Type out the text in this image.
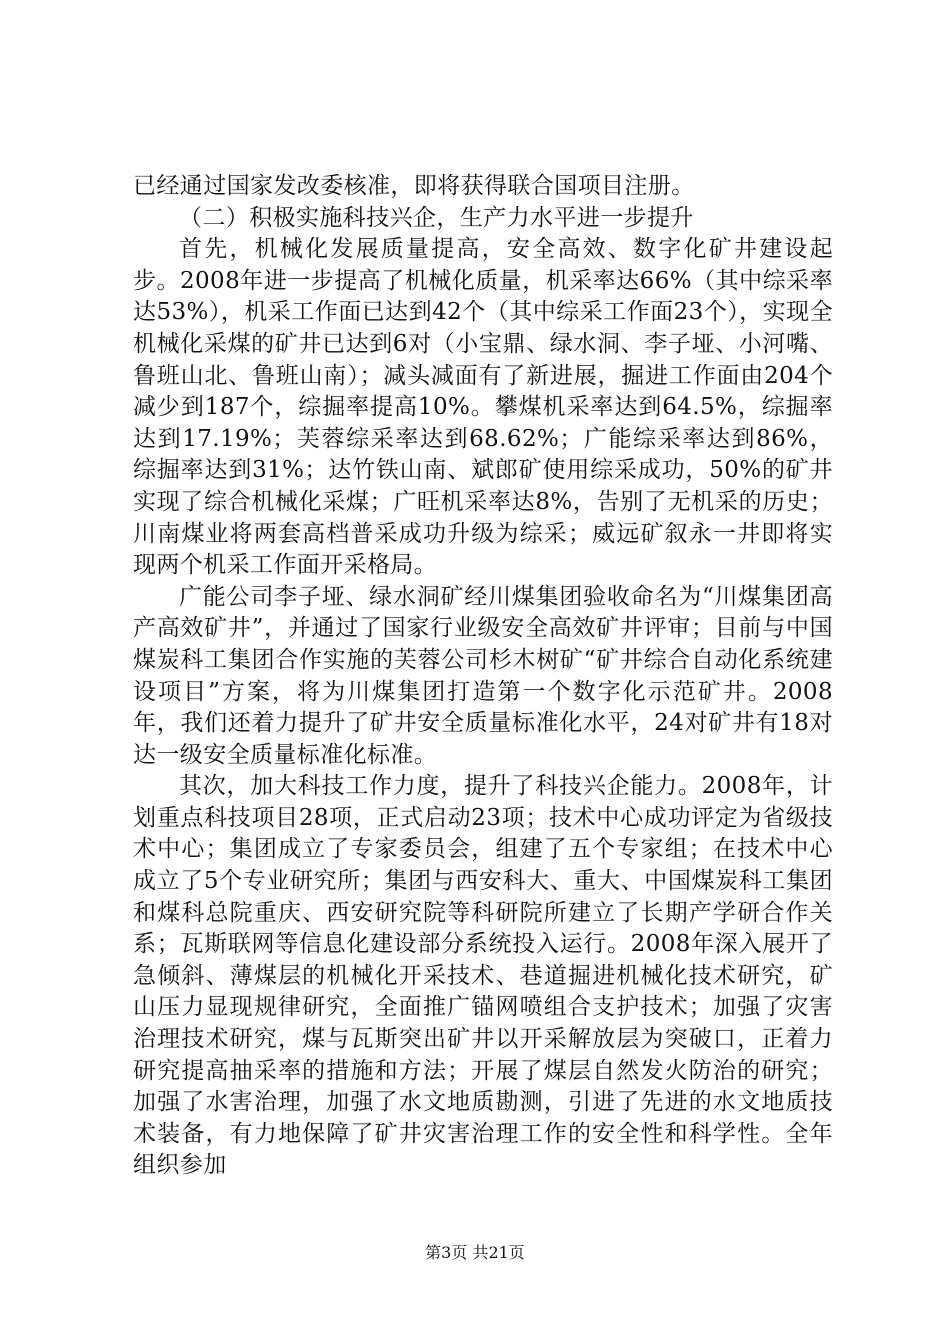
已经通过国家发改委核准，即将获得联合国项目注册。

（二）积极实施科技兴企，生产力水平进一步提升

首先，机械化发展质量提高，安全高效、数字化矿井建设起步。2008年进一步提高了机械化质量，机采率达66%（其中综采率达53%），机采工作面已达到42个（其中综采工作面23个），实现全机械化采煤的矿井已达到6对（小宝鼎、绿水洞、李子垭、小河嘴、鲁班山北、鲁班山南）；减头减面有了新进展，掘进工作面由204个减少到187个，综掘率提高10%。攀煤机采率达到64.5%，综掘率达到17.19%；芙蓉综采率达到68.62%；广能综采率达到86%，综掘率达到31%；达竹铁山南、斌郎矿使用综采成功，50%的矿井实现了综合机械化采煤；广旺机采率达8%，告别了无机采的历史；川南煤业将两套高档普采成功升级为综采；威远矿叙永一井即将实现两个机采工作面开采格局。

广能公司李子垭、绿水洞矿经川煤集团验收命名为“川煤集团高产高效矿井”，并通过了国家行业级安全高效矿井评审；目前与中国煤炭科工集团合作实施的芙蓉公司杉木树矿“矿井综合自动化系统建设项目”方案，将为川煤集团打造第一个数字化示范矿井。2008年，我们还着力提升了矿井安全质量标准化水平，24对矿井有18对达一级安全质量标准化标准。

其次，加大科技工作力度，提升了科技兴企能力。2008年，计划重点科技项目28项，正式启动23项；技术中心成功评定为省级技术中心；集团成立了专家委员会，组建了五个专家组；在技术中心成立了5个专业研究所；集团与西安科大、重大、中国煤炭科工集团和煤科总院重庆、西安研究院等科研院所建立了长期产学研合作关系；瓦斯联网等信息化建设部分系统投入运行。2008年深入展开了急倾斜、薄煤层的机械化开采技术、巷道掘进机械化技术研究，矿山压力显现规律研究，全面推广锚网喷组合支护技术；加强了灾害治理技术研究，煤与瓦斯突出矿井以开采解放层为突破口，正着力研究提高抽采率的措施和方法；开展了煤层自然发火防治的研究；加强了水害治理，加强了水文地质勘测，引进了先进的水文地质技术装备，有力地保障了矿井灾害治理工作的安全性和科学性。全年组织参加

第3页 共21页
